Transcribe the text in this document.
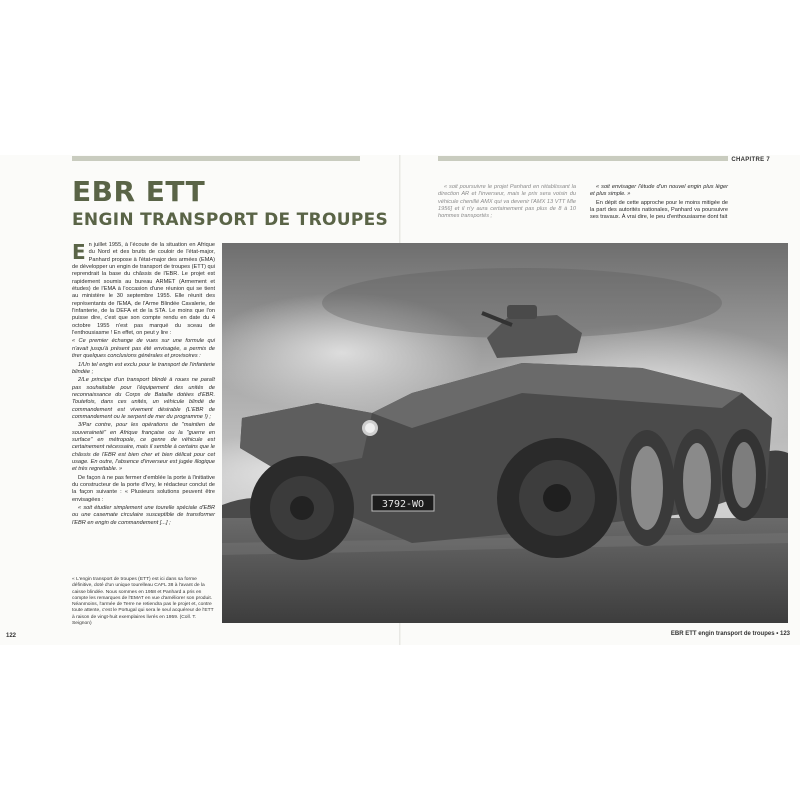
CHAPITRE 7
EBR ETT
ENGIN TRANSPORT DE TROUPES

En juillet 1955, à l'écoute de la situation en Afrique du Nord et des bruits de couloir de l'état-major, Panhard propose à l'état-major des armées (EMA) de développer un engin de transport de troupes (ETT) qui reprendrait la base du châssis de l'EBR. Le projet est rapidement soumis au bureau ARMET (Armement et études) de l'EMA à l'occasion d'une réunion qui se tient au ministère le 30 septembre 1955. Elle réunit des représentants de l'EMA, de l'Arme Blindée Cavalerie, de l'infanterie, de la DEFA et de la STA. Le moins que l'on puisse dire, c'est que son compte rendu en date du 4 octobre 1955 n'est pas marqué du sceau de l'enthousiasme ! En effet, on peut y lire :

« Ce premier échange de vues sur une formule qui n'avait jusqu'à présent pas été envisagée, a permis de tirer quelques conclusions générales et provisoires :

1/Un tel engin est exclu pour le transport de l'infanterie blindée ;

2/Le principe d'un transport blindé à roues ne paraît pas souhaitable pour l'équipement des unités de reconnaissance du Corps de Bataille dotées d'EBR. Toutefois, dans ces unités, un véhicule blindé de commandement est vivement désirable (L'EBR de commandement ou le serpent de mer du programme !) ;

3/Par contre, pour les opérations de "maintien de souveraineté" en Afrique française ou la "guerre en surface" en métropole, ce genre de véhicule est certainement nécessaire, mais il semble à certains que le châssis de l'EBR est bien cher et bien délicat pour cet usage. En outre, l'absence d'inverseur est jugée illogique et très regrettable. »

De façon à ne pas fermer d'emblée la porte à l'initiative du constructeur de la porte d'Ivry, le rédacteur conclut de la façon suivante : « Plusieurs solutions peuvent être envisagées :

« soit étudier simplement une tourelle spéciale d'EBR ou une casemate circulaire susceptible de transformer l'EBR en engin de commandement [...] ;

« soit poursuivre le projet Panhard en rétablissant la direction AR et l'inverseur, mais le prix sera voisin du véhicule chenillé AMX qui va devenir l'AMX 13 VTT Mle 1956] et il n'y aura certainement pas plus de 8 à 10 hommes transportés ;

« soit envisager l'étude d'un nouvel engin plus léger et plus simple. »

En dépit de cette approche pour le moins mitigée de la part des autorités nationales, Panhard va poursuivre ses travaux. À vrai dire, le peu d'enthousiasme dont fait

3792-WO
« L'engin transport de troupes (ETT) est ici dans sa forme définitive, doté d'un unique tourelleau CAFL 38 à l'avant de la caisse blindée. Nous sommes en 1958 et Panhard a pris en compte les remarques de l'EMAT en vue d'améliorer son produit. Néanmoins, l'armée de Terre ne retiendra pas le projet et, contre toute attente, c'est le Portugal qui sera le seul acquéreur de l'ETT à raison de vingt-huit exemplaires livrés en 1959. (Coll. T. Seignon)
122	EBR ETT engin transport de troupes • 123
